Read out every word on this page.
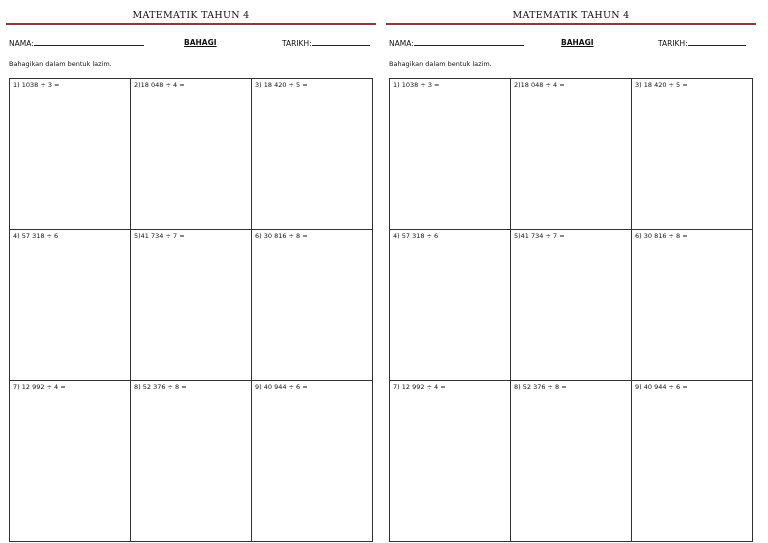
MATEMATIK TAHUN 4
NAMA:	BAHAGI	TARIKH:
Bahagikan dalam bentuk lazim.
1) 1038 ÷ 3 =	2)18 048 ÷ 4 =	3) 18 420 ÷ 5 =
4) 57 318 ÷ 6	5)41 734 ÷ 7 =	6) 30 816 ÷ 8 =
7) 12 992 ÷ 4 =	8) 52 376 ÷ 8 =	9) 40 944 ÷ 6 =
MATEMATIK TAHUN 4
NAMA:	BAHAGI	TARIKH:
Bahagikan dalam bentuk lazim.
1) 1038 ÷ 3 =	2)18 048 ÷ 4 =	3) 18 420 ÷ 5 =
4) 57 318 ÷ 6	5)41 734 ÷ 7 =	6) 30 816 ÷ 8 =
7) 12 992 ÷ 4 =	8) 52 376 ÷ 8 =	9) 40 944 ÷ 6 =
